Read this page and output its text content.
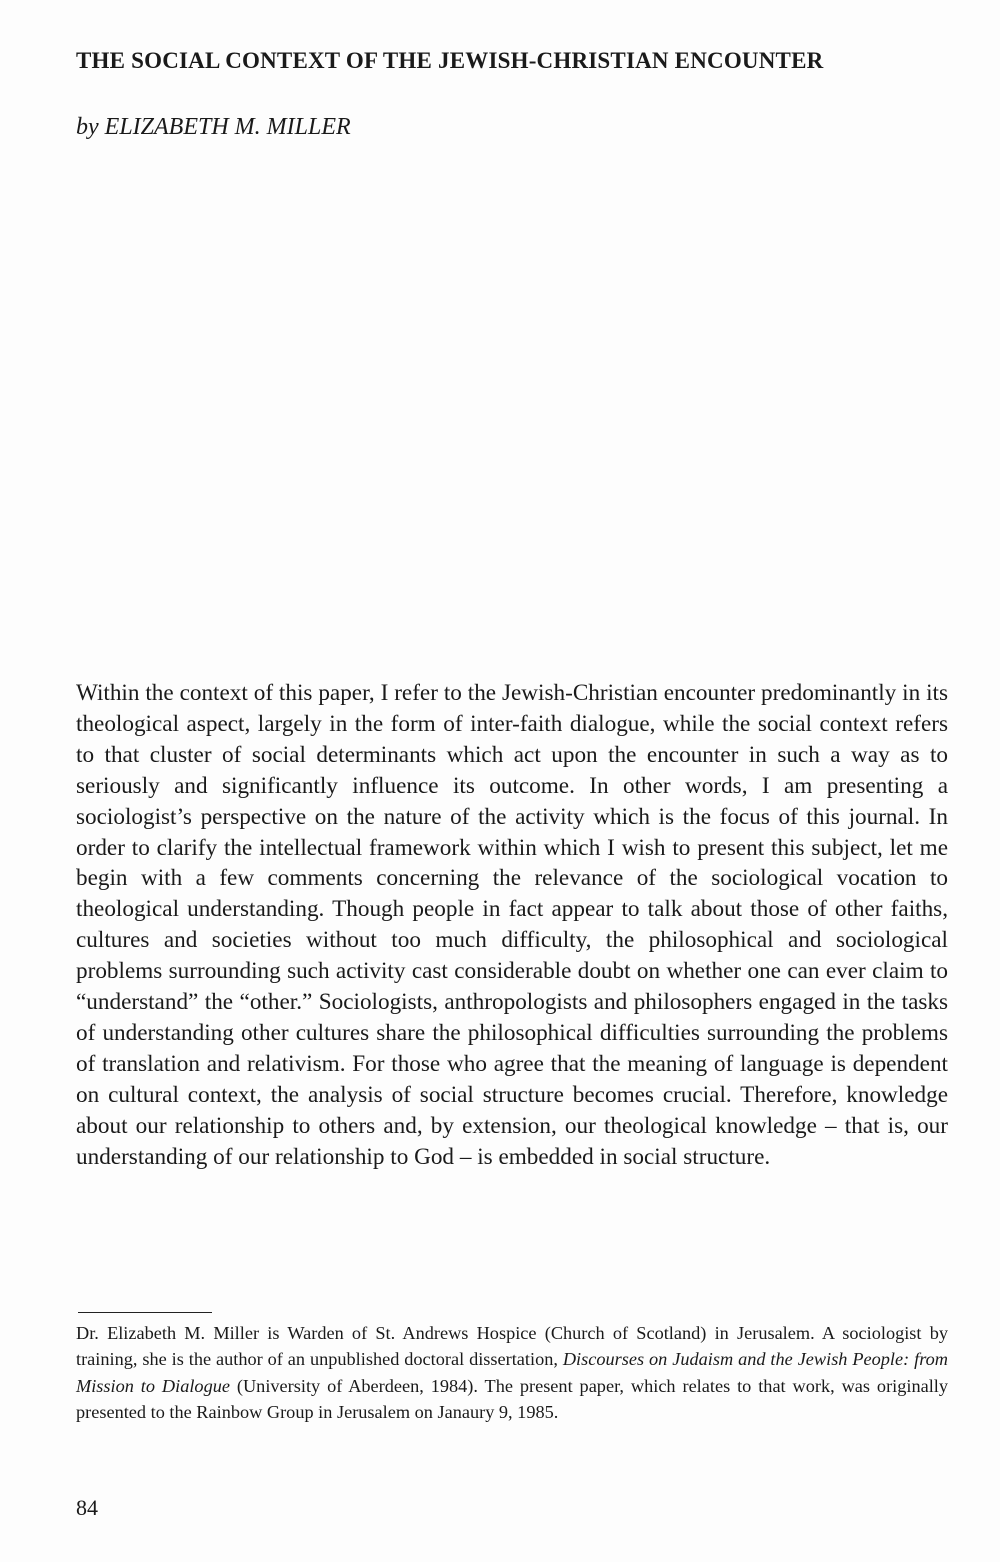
THE SOCIAL CONTEXT OF THE JEWISH-CHRISTIAN ENCOUNTER

by ELIZABETH M. MILLER

Within the context of this paper, I refer to the Jewish-Christian encounter predominantly in its theological aspect, largely in the form of inter-faith dialogue, while the social context refers to that cluster of social determinants which act upon the encounter in such a way as to seriously and significantly influence its outcome. In other words, I am presenting a sociologist’s perspective on the nature of the activity which is the focus of this journal. In order to clarify the intellectual framework within which I wish to present this subject, let me begin with a few comments concerning the relevance of the sociological vocation to theological understanding. Though people in fact appear to talk about those of other faiths, cultures and societies without too much difficulty, the philosophical and sociological problems surrounding such activity cast considerable doubt on whether one can ever claim to “understand” the “other.” Sociologists, anthropologists and philosophers engaged in the tasks of understanding other cultures share the philosophical difficulties surrounding the problems of translation and relativism. For those who agree that the meaning of language is dependent on cultural context, the analysis of social structure becomes crucial. Therefore, knowledge about our relationship to others and, by extension, our theological knowledge – that is, our understanding of our relationship to God – is embedded in social structure.

Dr. Elizabeth M. Miller is Warden of St. Andrews Hospice (Church of Scotland) in Jerusalem. A sociologist by training, she is the author of an unpublished doctoral dissertation, Discourses on Judaism and the Jewish People: from Mission to Dialogue (University of Aberdeen, 1984). The present paper, which relates to that work, was originally presented to the Rainbow Group in Jerusalem on Janaury 9, 1985.

84
